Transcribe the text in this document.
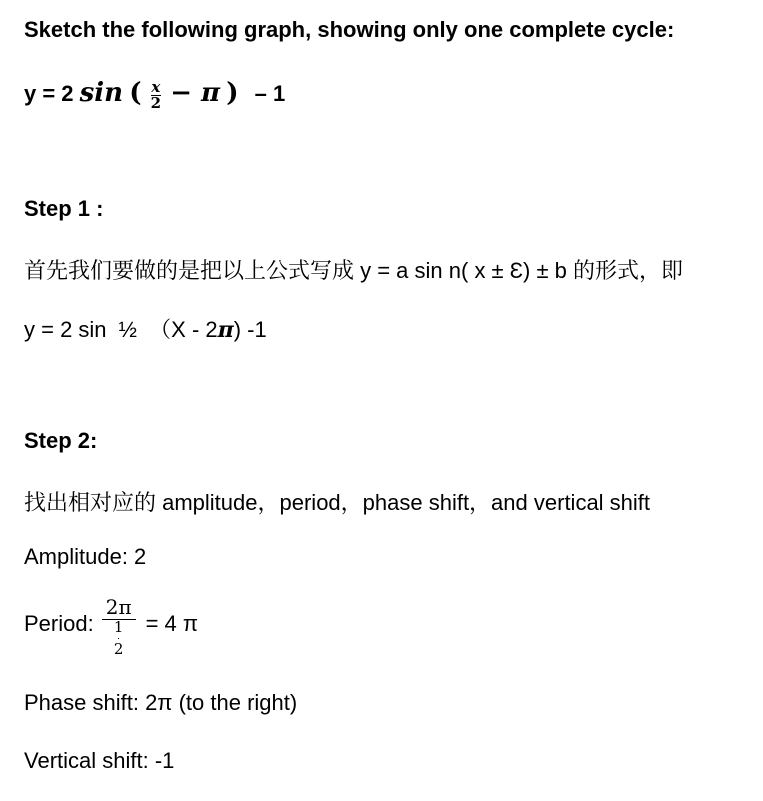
Sketch the following graph, showing only one complete cycle:
y = 2 sin ( $\frac{x}{2} - \pi$ ) – 1
Step 1 :
首先我们要做的是把以上公式写成 y = a sin n( x ± Ɛ) ± b 的形式，即
y = 2 sin ½ （Χ - 2π) -1
Step 2:
找出相对应的 amplitude，period，phase shift，and vertical shift
Amplitude: 2
Period: $\frac{2\pi}{\frac{1}{2}} = 4$ π
Phase shift: 2π (to the right)
Vertical shift: -1
